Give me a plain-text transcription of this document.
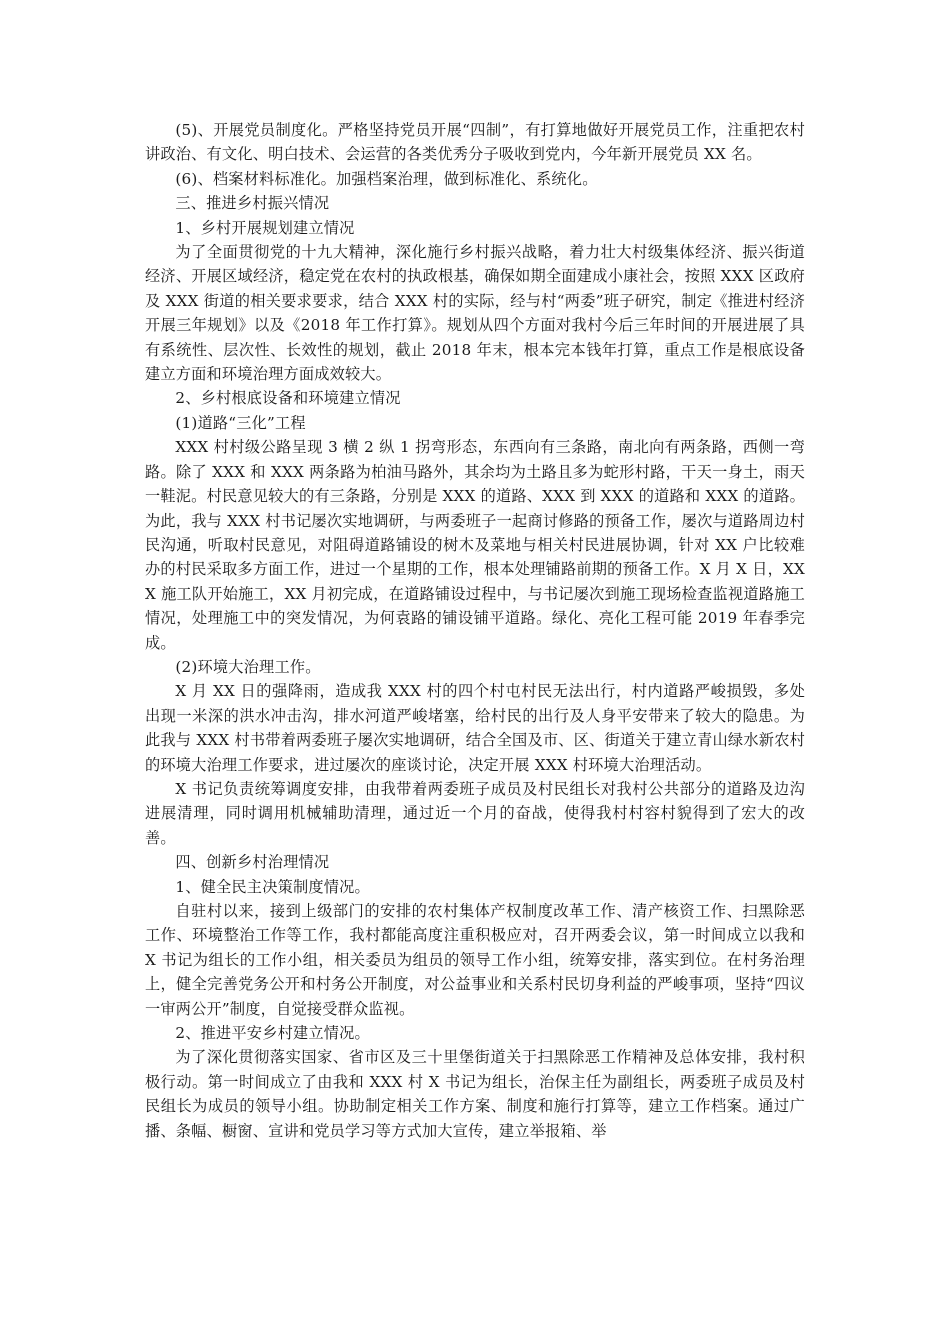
(5)、开展党员制度化。严格坚持党员开展“四制”，有打算地做好开展党员工作，注重把农村讲政治、有文化、明白技术、会运营的各类优秀分子吸收到党内，今年新开展党员 XX 名。

(6)、档案材料标准化。加强档案治理，做到标准化、系统化。

三、推进乡村振兴情况

1、乡村开展规划建立情况

为了全面贯彻党的十九大精神，深化施行乡村振兴战略，着力壮大村级集体经济、振兴街道经济、开展区域经济，稳定党在农村的执政根基，确保如期全面建成小康社会，按照 XXX 区政府及 XXX 街道的相关要求要求，结合 XXX 村的实际，经与村“两委”班子研究，制定《推进村经济开展三年规划》以及《2018 年工作打算》。规划从四个方面对我村今后三年时间的开展进展了具有系统性、层次性、长效性的规划，截止 2018 年末，根本完本钱年打算，重点工作是根底设备建立方面和环境治理方面成效较大。

2、乡村根底设备和环境建立情况

(1)道路“三化”工程

XXX 村村级公路呈现 3 横 2 纵 1 拐弯形态，东西向有三条路，南北向有两条路，西侧一弯路。除了 XXX 和 XXX 两条路为柏油马路外，其余均为土路且多为蛇形村路，干天一身土，雨天一鞋泥。村民意见较大的有三条路，分别是 XXX 的道路、XXX 到 XXX 的道路和 XXX 的道路。为此，我与 XXX 村书记屡次实地调研，与两委班子一起商讨修路的预备工作，屡次与道路周边村民沟通，听取村民意见，对阻碍道路铺设的树木及菜地与相关村民进展协调，针对 XX 户比较难办的村民采取多方面工作，进过一个星期的工作，根本处理铺路前期的预备工作。X 月 X 日，XXX 施工队开始施工，XX 月初完成，在道路铺设过程中，与书记屡次到施工现场检查监视道路施工情况，处理施工中的突发情况，为何袁路的铺设铺平道路。绿化、亮化工程可能 2019 年春季完成。

(2)环境大治理工作。

X 月 XX 日的强降雨，造成我 XXX 村的四个村屯村民无法出行，村内道路严峻损毁，多处出现一米深的洪水冲击沟，排水河道严峻堵塞，给村民的出行及人身平安带来了较大的隐患。为此我与 XXX 村书带着两委班子屡次实地调研，结合全国及市、区、街道关于建立青山绿水新农村的环境大治理工作要求，进过屡次的座谈讨论，决定开展 XXX 村环境大治理活动。

X 书记负责统筹调度安排，由我带着两委班子成员及村民组长对我村公共部分的道路及边沟进展清理，同时调用机械辅助清理，通过近一个月的奋战，使得我村村容村貌得到了宏大的改善。

四、创新乡村治理情况

1、健全民主决策制度情况。

自驻村以来，接到上级部门的安排的农村集体产权制度改革工作、清产核资工作、扫黑除恶工作、环境整治工作等工作，我村都能高度注重积极应对，召开两委会议，第一时间成立以我和 X 书记为组长的工作小组，相关委员为组员的领导工作小组，统筹安排，落实到位。在村务治理上，健全完善党务公开和村务公开制度，对公益事业和关系村民切身利益的严峻事项，坚持“四议一审两公开”制度，自觉接受群众监视。

2、推进平安乡村建立情况。

为了深化贯彻落实国家、省市区及三十里堡街道关于扫黑除恶工作精神及总体安排，我村积极行动。第一时间成立了由我和 XXX 村 X 书记为组长，治保主任为副组长，两委班子成员及村民组长为成员的领导小组。协助制定相关工作方案、制度和施行打算等，建立工作档案。通过广播、条幅、橱窗、宣讲和党员学习等方式加大宣传，建立举报箱、举
